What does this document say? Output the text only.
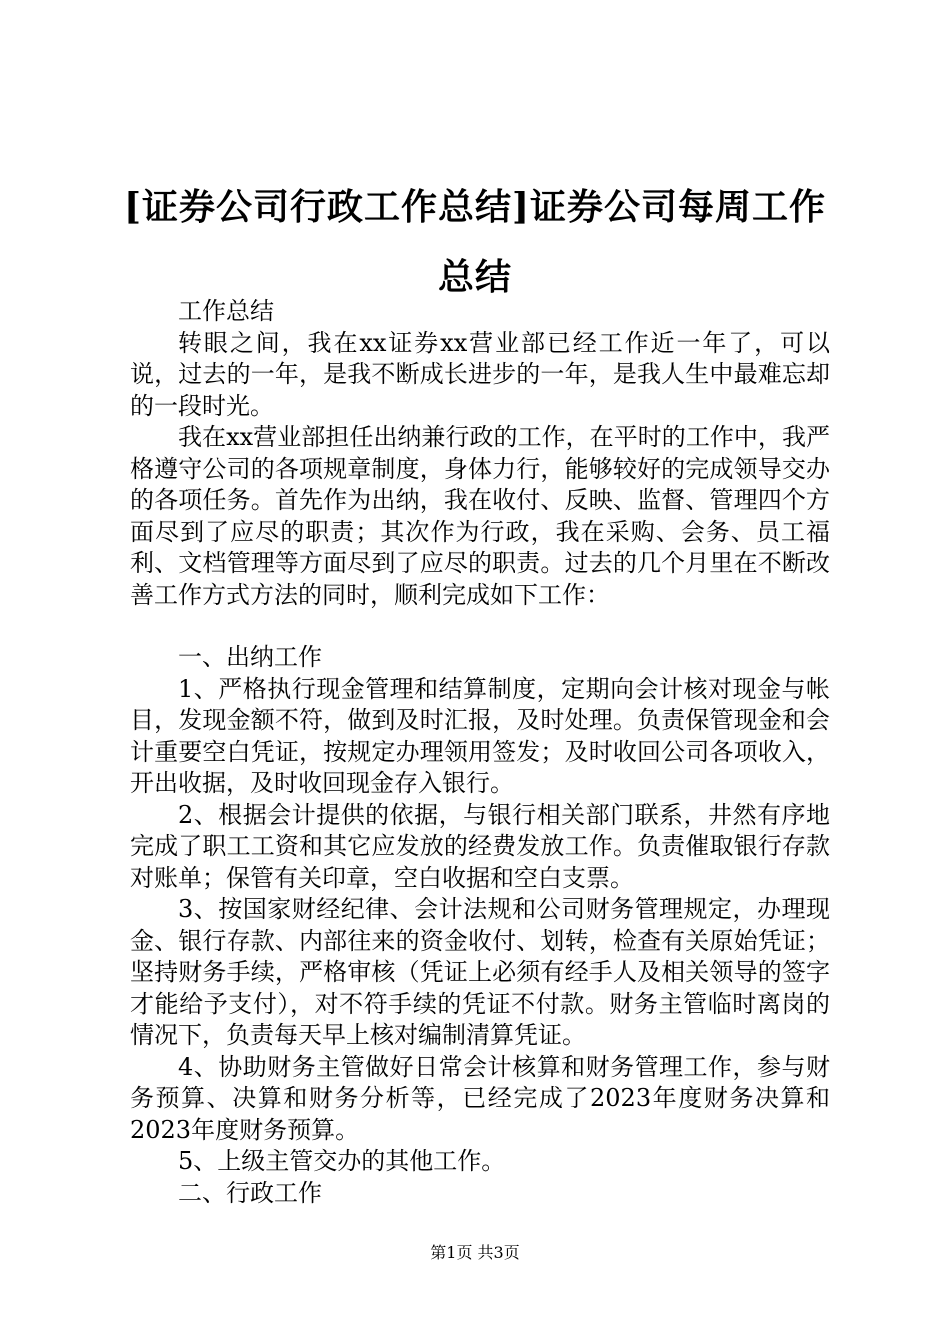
[证券公司行政工作总结]证券公司每周工作总结

工作总结

转眼之间，我在xx证券xx营业部已经工作近一年了，可以说，过去的一年，是我不断成长进步的一年，是我人生中最难忘却的一段时光。

我在xx营业部担任出纳兼行政的工作，在平时的工作中，我严格遵守公司的各项规章制度，身体力行，能够较好的完成领导交办的各项任务。首先作为出纳，我在收付、反映、监督、管理四个方面尽到了应尽的职责；其次作为行政，我在采购、会务、员工福利、文档管理等方面尽到了应尽的职责。过去的几个月里在不断改善工作方式方法的同时，顺利完成如下工作：

一、出纳工作

1、严格执行现金管理和结算制度，定期向会计核对现金与帐目，发现金额不符，做到及时汇报，及时处理。负责保管现金和会计重要空白凭证，按规定办理领用签发；及时收回公司各项收入，开出收据，及时收回现金存入银行。

2、根据会计提供的依据，与银行相关部门联系，井然有序地完成了职工工资和其它应发放的经费发放工作。负责催取银行存款对账单；保管有关印章，空白收据和空白支票。

3、按国家财经纪律、会计法规和公司财务管理规定，办理现金、银行存款、内部往来的资金收付、划转，检查有关原始凭证；坚持财务手续，严格审核（凭证上必须有经手人及相关领导的签字才能给予支付），对不符手续的凭证不付款。财务主管临时离岗的情况下，负责每天早上核对编制清算凭证。

4、协助财务主管做好日常会计核算和财务管理工作，参与财务预算、决算和财务分析等，已经完成了2023年度财务决算和2023年度财务预算。

5、上级主管交办的其他工作。

二、行政工作

第1页 共3页
